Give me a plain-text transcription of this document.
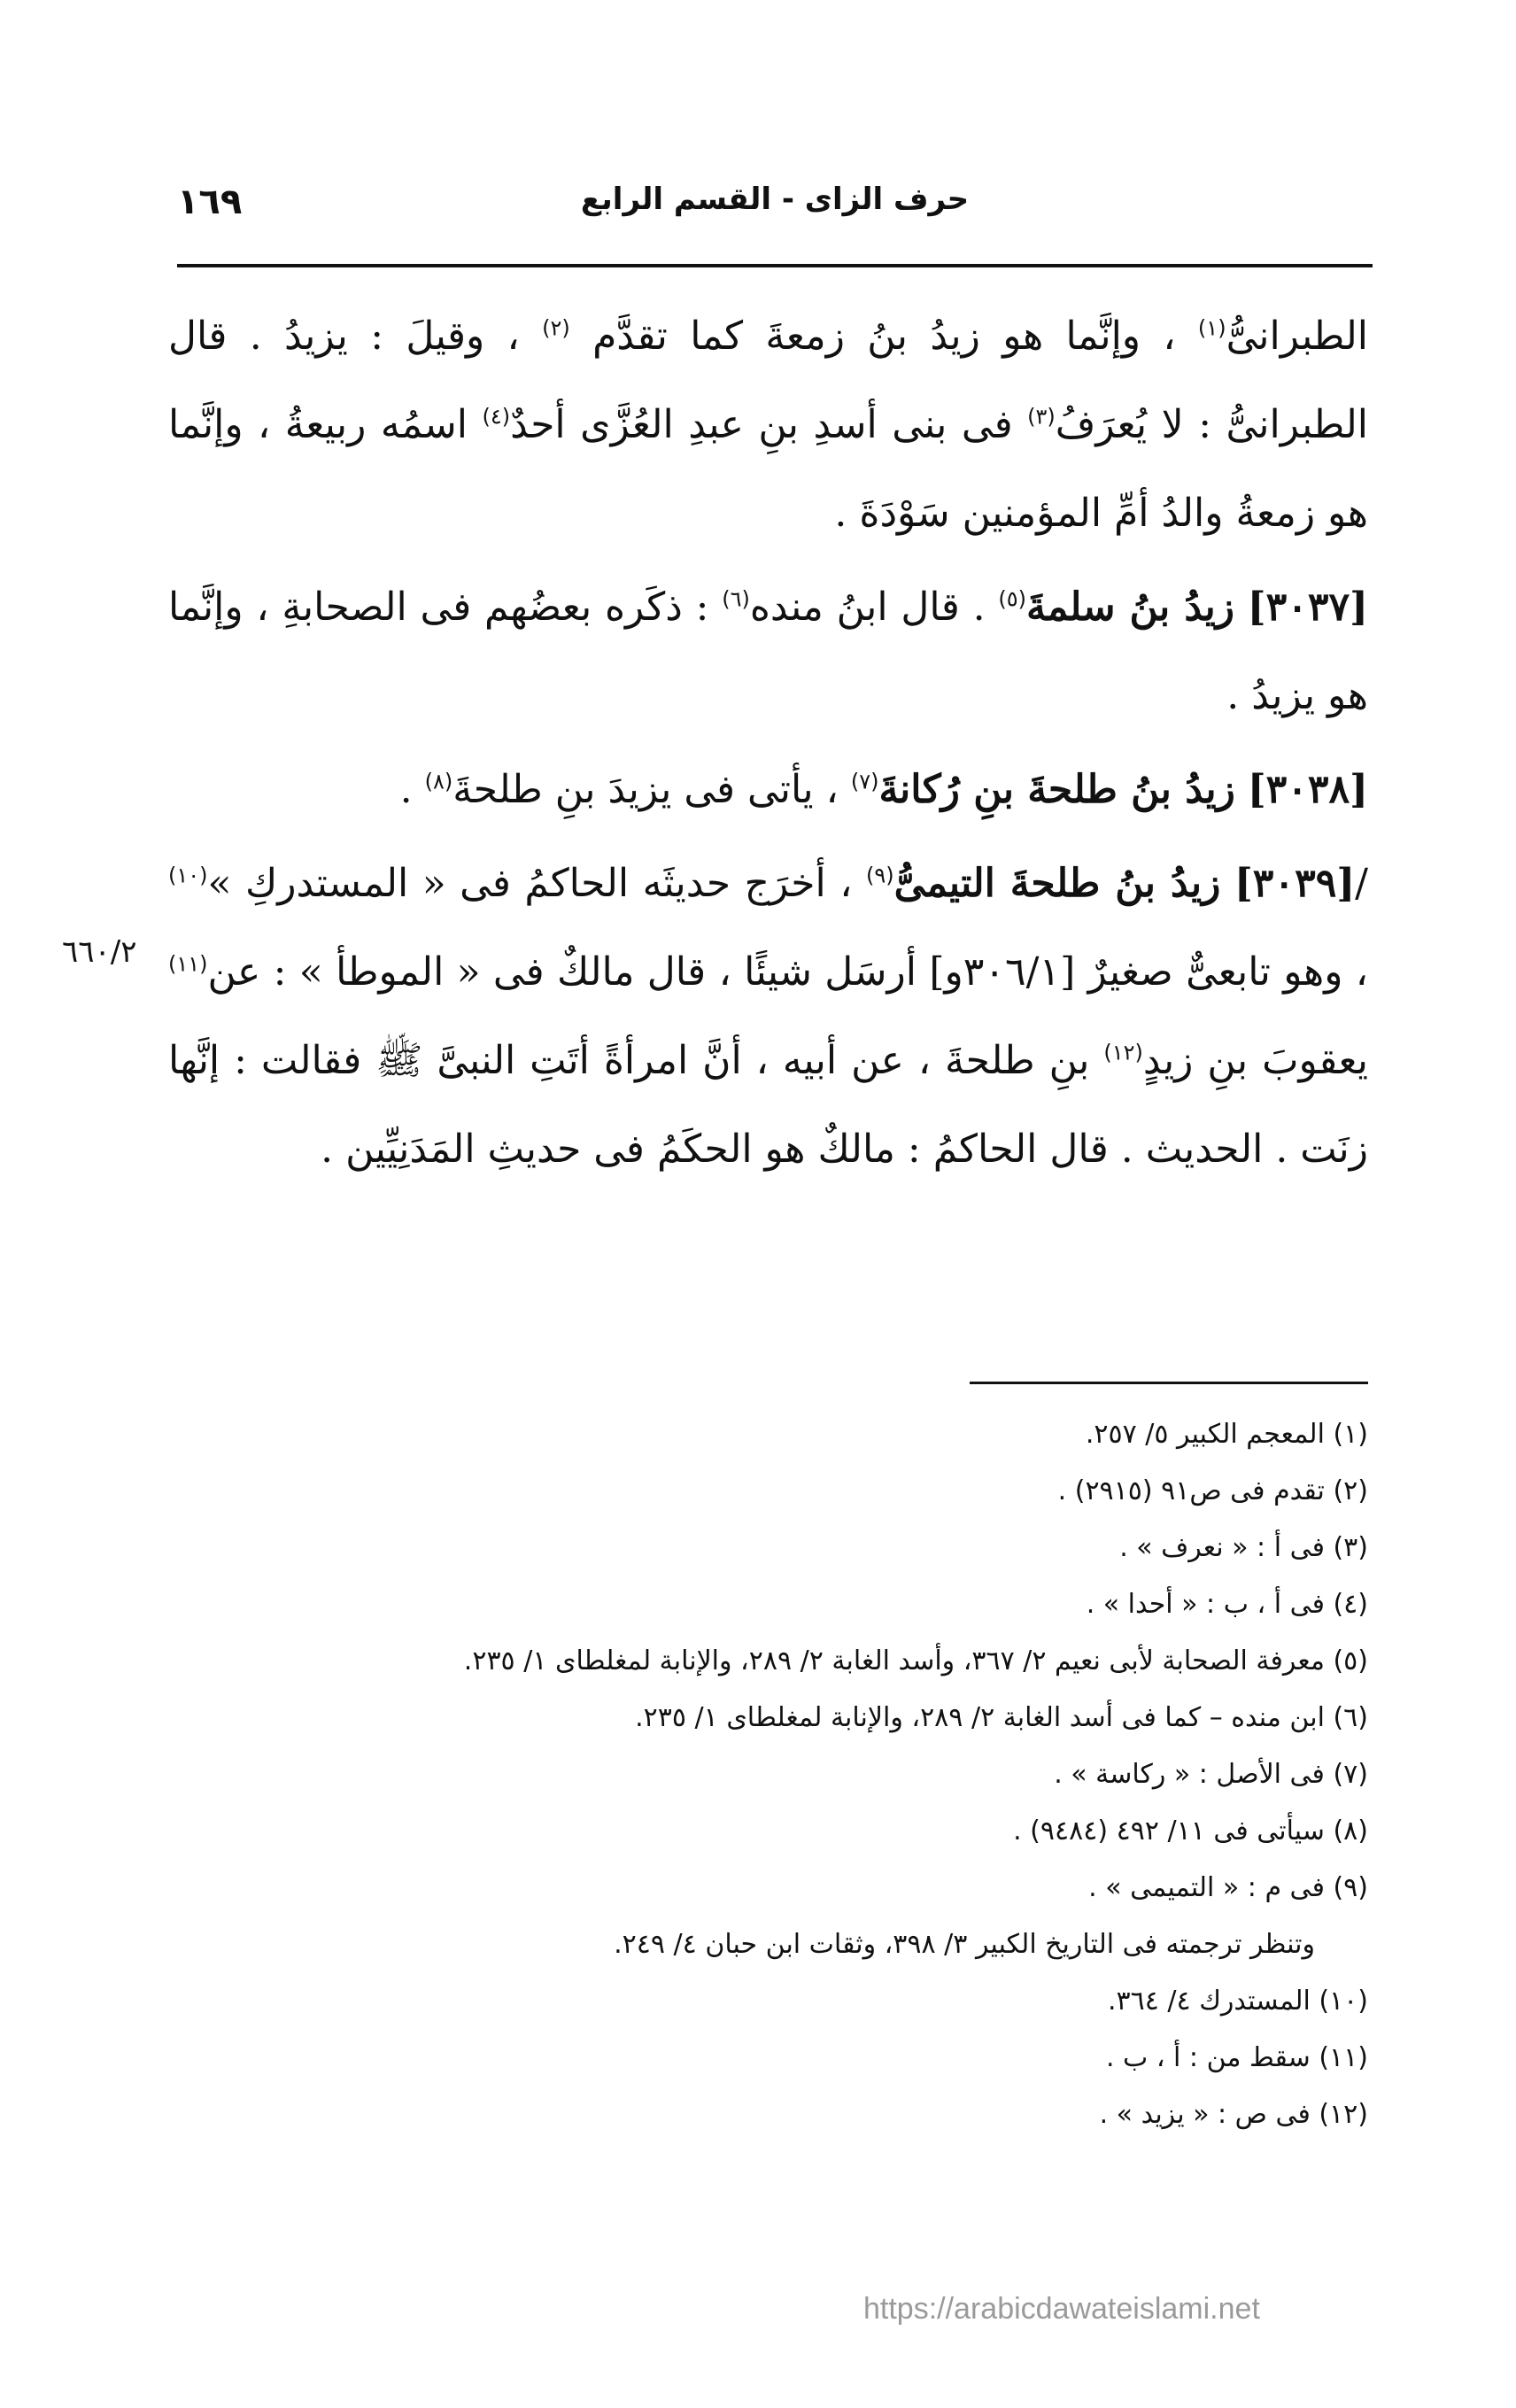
١٦٩	حرف الزاى - القسم الرابع

الطبرانىُّ$^{(١)}$ ، وإنَّما هو زيدُ بنُ زمعةَ كما تقدَّم $^{(٢)}$ ، وقيلَ : يزيدُ . قال الطبرانىُّ : لا يُعرَفُ$^{(٣)}$ فى بنى أسدِ بنِ عبدِ العُزَّى أحدٌ$^{(٤)}$ اسمُه ربيعةُ ، وإنَّما هو زمعةُ والدُ أمِّ المؤمنين سَوْدَةَ .

[٣٠٣٧] زيدُ بنُ سلمةَ$^{(٥)}$ . قال ابنُ منده$^{(٦)}$ : ذكَره بعضُهم فى الصحابةِ ، وإنَّما هو يزيدُ .

[٣٠٣٨] زيدُ بنُ طلحةَ بنِ رُكانةَ$^{(٧)}$ ، يأتى فى يزيدَ بنِ طلحةَ$^{(٨)}$ .

/[٣٠٣٩] زيدُ بنُ طلحةَ التيمىُّ$^{(٩)}$ ، أخرَج حديثَه الحاكمُ فى « المستدركِ »$^{(١٠)}$ ، وهو تابعىٌّ صغيرٌ [٣٠٦/١و] أرسَل شيئًا ، قال مالكٌ فى « الموطأ » : عن$^{(١١)}$ يعقوبَ بنِ زيدٍ$^{(١٢)}$ بنِ طلحةَ ، عن أبيه ، أنَّ امرأةً أتَتِ النبىَّ ﷺ فقالت : إنَّها زنَت . الحديث . قال الحاكمُ : مالكٌ هو الحكَمُ فى حديثِ المَدَنِيِّين .

٦٦٠/٢
(١) المعجم الكبير ٥/ ٢٥٧.
(٢) تقدم فى ص٩١ (٢٩١٥) .
(٣) فى أ : « نعرف » .
(٤) فى أ ، ب : « أحدا » .
(٥) معرفة الصحابة لأبى نعيم ٢/ ٣٦٧، وأسد الغابة ٢/ ٢٨٩، والإنابة لمغلطاى ١/ ٢٣٥.
(٦) ابن منده – كما فى أسد الغابة ٢/ ٢٨٩، والإنابة لمغلطاى ١/ ٢٣٥.
(٧) فى الأصل : « ركاسة » .
(٨) سيأتى فى ١١/ ٤٩٢ (٩٤٨٤) .
(٩) فى م : « التميمى » .
وتنظر ترجمته فى التاريخ الكبير ٣/ ٣٩٨، وثقات ابن حبان ٤/ ٢٤٩.
(١٠) المستدرك ٤/ ٣٦٤.
(١١) سقط من : أ ، ب .
(١٢) فى ص : « يزيد » .
https://arabicdawateislami.net
